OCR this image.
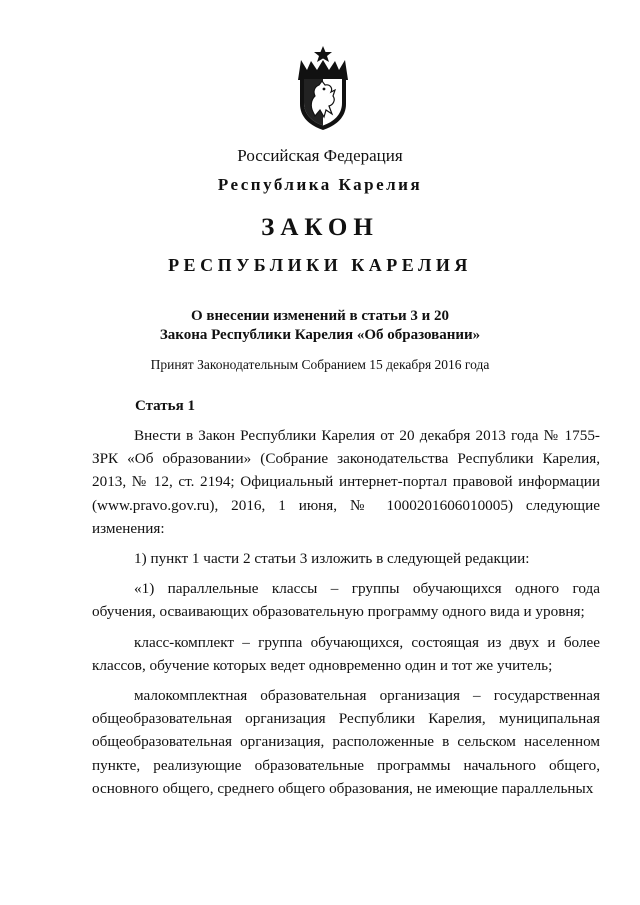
Российская Федерация
Республика Карелия
ЗАКОН
РЕСПУБЛИКИ КАРЕЛИЯ
О внесении изменений в статьи 3 и 20
Закона Республики Карелия «Об образовании»
Принят Законодательным Собранием 15 декабря 2016 года
Статья 1

Внести в Закон Республики Карелия от 20 декабря 2013 года № 1755-ЗРК «Об образовании» (Собрание законодательства Республики Карелия, 2013, № 12, ст. 2194; Официальный интернет-портал правовой информации (www.pravo.gov.ru), 2016, 1 июня, № 1000201606010005) следующие изменения:

1) пункт 1 части 2 статьи 3 изложить в следующей редакции:

«1) параллельные классы – группы обучающихся одного года обучения, осваивающих образовательную программу одного вида и уровня;

класс-комплект – группа обучающихся, состоящая из двух и более классов, обучение которых ведет одновременно один и тот же учитель;

малокомплектная образовательная организация – государственная общеобразовательная организация Республики Карелия, муниципальная общеобразовательная организация, расположенные в сельском населенном пункте, реализующие образовательные программы начального общего, основного общего, среднего общего образования, не имеющие параллельных
